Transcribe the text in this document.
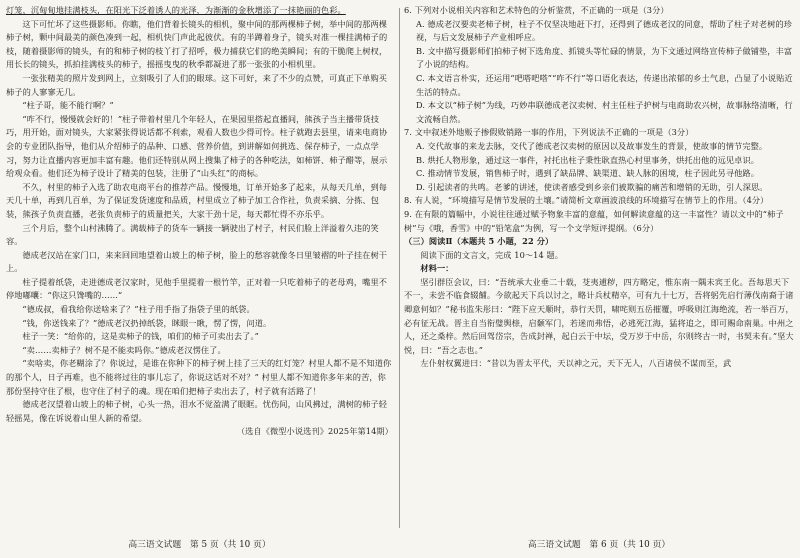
灯笼，沉甸甸地挂满枝头，在阳光下泛着诱人的光泽，为渐渐的金秋增添了一抹艳丽的色彩。

这下可忙坏了这些摄影师。你瞧，他们背着长镜头的相机，聚中间的那两棵柿子树，举中间的那两棵柿子树，颗中间最美的颜色凑到一起，相机快门声此起彼伏。有的半蹲着身子，镜头对准一棵挂满柿子的枝，随着摄影师的镜头，有的和柿子树的枝丫打了招呼，极力捕获它们的绝美瞬间；有的干脆爬上树杈，用长长的镜头，抓拍挂满枝头的柿子，摇摇曳曳的秋季都凝进了那一张张的小相机里。

一张张精美的照片发到网上，立刻吸引了人们的眼球。这下可好，来了不少的点赞，可真正下单购买柿子的人寥寥无几。

“柱子哥，能不能行啊？”

“咋不行，慢慢就会好的！”柱子带着村里几个年轻人，在果园里搭起直播间，熊孩子当主播带货技巧，用开始，面对镜头，大家紧张得说话都不利索，观看人数也少得可怜。柱子就跑去县里，请来电商协会的专业团队指导，他们从介绍柿子的品种、口感、营养价值，到讲解如何挑选、保存柿子，一点点学习，努力让直播内容更加丰富有趣。他们还特别从网上搜集了柿子的各种吃法，如柿饼、柿子醋等，展示给观众看。他们还为柿子设计了精美的包装，注册了“山头红”的商标。

不久，村里的柿子入选了助农电商平台的推荐产品。慢慢地，订单开始多了起来，从每天几单，到每天几十单，再到几百单，为了保证发货速度和品质，村里成立了柿子加工合作社，负责采摘、分拣、包装，熊孩子负责直播，老张负责柿子的质量把关，大家干劲十足，每天都忙得不亦乐乎。

三个月后，整个山村沸腾了。满载柿子的货车一辆接一辆驶出了村子，村民们脸上洋溢着久违的笑容。

德成老汉站在家门口，来来回回地望着山坡上的柿子树，脸上的愁容就像冬日里皱褶的叶子挂在树干上。

柱子提着纸袋，走进德成老汉家时，见他手里提着一根竹竿，正对着一只吃着柿子的老母鸡，嘴里不停地嘟囔：“你这只馋嘴的……”

“德成叔，看我给你送啥来了？”柱子用手指了指袋子里的纸袋。

“钱，你送钱来了？”德成老汉扔掉纸袋，眯眼一瞅，愣了愣，问道。

柱子一笑：“给你的，这是卖柿子的钱，咱们的柿子可卖出去了。”

“卖……卖柿子？树不是不能卖吗你。”德成老汉愣住了。

“卖啥卖，你老糊涂了？你说过，是谁在你种下的柿子树上挂了三天的红灯笼？村里人都不是不知道你的那个人，日子再难，也不能将过往的事儿忘了，你说这话对不对？” 村里人都不知道你多年来的苦，你那份坚持守住了根，也守住了村子的魂。现在咱们把柿子卖出去了，村子就有活路了！

德成老汉望着山坡上的柿子树，心头一热，泪水不觉盈满了眼眶。忧伤间，山风拂过，满树的柿子轻轻摇晃，像在诉说着山里人新的希望。

（选自《微型小说选刊》2025年第14期）

6. 下列对小说相关内容和艺术特色的分析鉴赏，不正确的一项是（3分）

A. 德成老汉要卖老柿子树，柱子不仅坚决地赶下打，还得到了德成老汉的同意，帮助了柱子对老树的珍视，与后文发展柿子产业相呼应。

B. 文中描写摄影师们拍柿子树下选角度、抓镜头等忙碌的情景，为下文通过网络宣传柿子做铺垫，丰富了小说的结构。

C. 本文语言朴实，还运用“吧嗒吧嗒”“咋不行”等口语化表达，传递出浓郁的乡土气息，凸显了小说贴近生活的特点。

D. 本文以“柿子树”为线，巧妙串联德成老汉卖树、村主任柱子护树与电商助农兴树，故事脉络清晰，行文流畅自然。

7. 文中叙述外地贩子掺假败销路一事的作用，下列说法不正确的一项是（3分）

A. 交代故事的来龙去脉，交代了德成老汉卖树的原因以及故事发生的背景，使故事的情节完整。

B. 烘托人物形象，通过这一事件，衬托出柱子秉性耿直热心村里事务，烘托出他的远见卓识。

C. 推动情节发展，销售柿子时，遇到了缺品牌、缺渠道、缺人脉的困境，柱子因此另寻他路。

D. 引起读者的共鸣。老爹的讲述，使读者感受到乡亲们被欺骗的痛苦和增销的无助，引人深思。

8. 有人说，“环境描写是情节发展的土壤。”请简析文章画波浪线的环境描写在情节上的作用。（4分）

9. 在有限的篇幅中，小说往往通过赋予物象丰富的意蕴，如何解读意蕴的这一丰富性？请以文中的“柿子树”与《哦，香雪》中的“铅笔盒”为例，写一个文学短评提纲。（6分）

（三）阅读Ⅱ（本题共 5 小题，22 分）

阅读下面的文言文，完成 10～14 题。

材料一：

坚引群臣会议，曰：“吾统承大业垂二十载，芟夷逋秽，四方略定，惟东南一隅未宾王化。吾每思天下不一，未尝不临食辍餔。今欲起天下兵以讨之，略计兵杖精卒，可有九十七万，吾将躬先启行薄伐南裔于诸卿意何如？”秘书监朱彤曰：“陛下应天顺时，恭行天罚，啸咤则五岳摧覆，呼吸则江海绝流，若一举百万，必有征无战。晋主自当衔璧舆榇，启颡军门，若迷而弗悟，必逃死江海，猛将追之，即可赐命南巢。中州之人，还之桑梓。然后回驾岱宗，告成封禅，起白云于中坛，受万岁于中岳，尔则终古一时，书契未有。”坚大悦，曰：“吾之志也。”

左仆射权翼进曰：“昔以为晋太平代，天以神之元，天下无人，八百诸侯不谋而至，武

高三语文试题　第 5 页（共 10 页）	高三语文试题　第 6 页（共 10 页）
